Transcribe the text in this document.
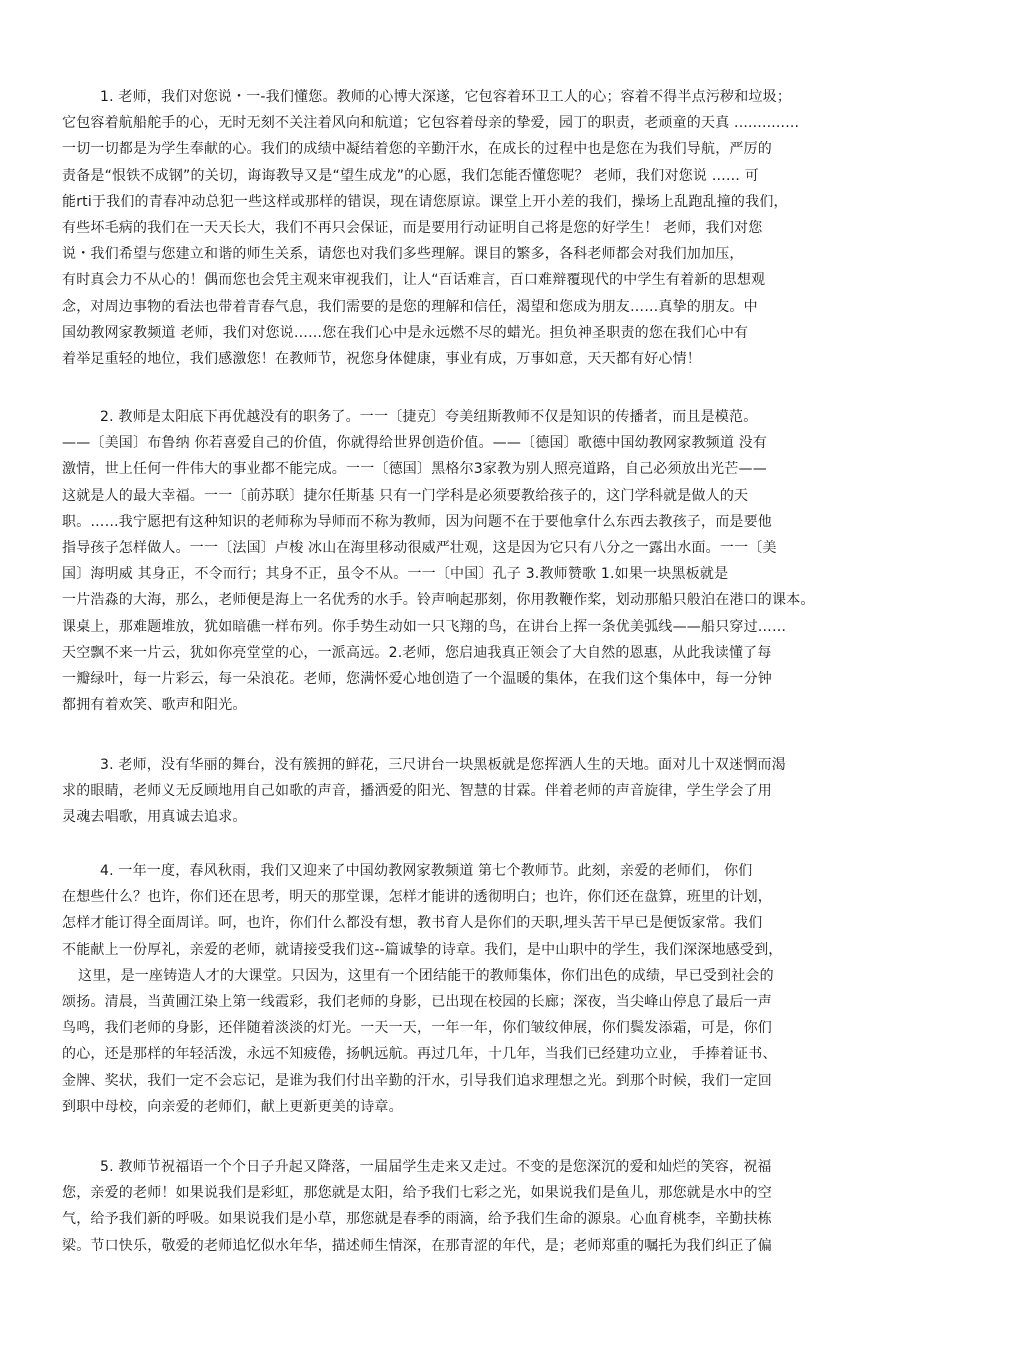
1. 老师，我们对您说・一-我们懂您。教师的心博大深遂，它包容着环卫工人的心；容着不得半点污秽和垃圾；
它包容着航船舵手的心，无时无刻不关注着风向和航道；它包容着母亲的挚爱，园丁的职责，老顽童的天真 ..............
一切一切都是为学生奉献的心。我们的成绩中凝结着您的辛勤汗水，在成长的过程中也是您在为我们导航，严厉的
责备是“恨铁不成钢”的关切，诲诲教导又是“望生成龙”的心愿，我们怎能否懂您呢？ 老师，我们对您说 …… 可
能rti于我们的青春冲动总犯一些这样或那样的错误，现在请您原谅。课堂上开小差的我们，操场上乱跑乱撞的我们，
有些坏毛病的我们在一天天长大，我们不再只会保证，而是要用行动证明自己将是您的好学生！ 老师，我们对您
说・我们希望与您建立和谐的师生关系，请您也对我们多些理解。课目的繁多，各科老师都会对我们加加压，
有时真会力不从心的！偶而您也会凭主观来审视我们，让人“百话难言，百口难辩覆现代的中学生有着新的思想观
念，对周边事物的看法也带着青春气息，我们需要的是您的理解和信任，渴望和您成为朋友……真挚的朋友。中
国幼教网家教频道 老师，我们对您说……您在我们心中是永远燃不尽的蜡光。担负神圣职责的您在我们心中有
着举足重轻的地位，我们感激您！在教师节，祝您身体健康，事业有成，万事如意，天天都有好心情！
2. 教师是太阳底下再优越没有的职务了。一一〔捷克〕夸美纽斯教师不仅是知识的传播者，而且是模范。
——〔美国〕布鲁纳 你若喜爱自己的价值，你就得给世界创造价值。——〔德国〕歌德中国幼教网家教频道 没有
激情，世上任何一件伟大的事业都不能完成。一一〔德国〕黑格尔3家教为别人照亮道路，自己必须放出光芒——
这就是人的最大幸福。一一〔前苏联〕捷尔任斯基 只有一门学科是必须要教给孩子的，这门学科就是做人的天
职。……我宁愿把有这种知识的老师称为导师而不称为教师，因为问题不在于要他拿什么东西去教孩子，而是要他
指导孩子怎样做人。一一〔法国〕卢梭 冰山在海里移动很威严壮观，这是因为它只有八分之一露出水面。一一〔美
国〕海明威 其身正，不令而行；其身不正，虽令不从。一一〔中国〕孔子 3.教师赞歌 1.如果一块黑板就是
一片浩淼的大海，那么，老师便是海上一名优秀的水手。铃声响起那刻，你用教鞭作桨，划动那船只般泊在港口的课本。
课桌上，那难题堆放，犹如暗礁一样布列。你手势生动如一只飞翔的鸟，在讲台上挥一条优美弧线——船只穿过……
天空飘不来一片云，犹如你亮堂堂的心，一派高远。2.老师，您启迪我真正领会了大自然的恩惠，从此我读懂了每
一瓣绿叶，每一片彩云，每一朵浪花。老师，您满怀爱心地创造了一个温暖的集体，在我们这个集体中，每一分钟
都拥有着欢笑、歌声和阳光。
3. 老师，没有华丽的舞台，没有簇拥的鲜花，三尺讲台一块黑板就是您挥洒人生的天地。面对儿十双迷惘而渴
求的眼睛，老师义无反顾地用自己如歌的声音，播洒爱的阳光、智慧的甘霖。伴着老师的声音旋律，学生学会了用
灵魂去唱歌，用真诚去追求。
4. 一年一度，春风秋雨，我们又迎来了中国幼教网家教频道 第七个教师节。此刻，亲爱的老师们， 你们
在想些什么？也许，你们还在思考，明天的那堂课，怎样才能讲的透彻明白；也许，你们还在盘算，班里的计划，
怎样才能订得全面周详。呵，也许，你们什么都没有想，教书育人是你们的天职,埋头苦干早已是便饭家常。我们
不能献上一份厚礼，亲爱的老师，就请接受我们这--篇诚挚的诗章。我们，是中山职中的学生，我们深深地感受到，
这里，是一座铸造人才的大课堂。只因为，这里有一个团结能干的教师集体，你们出色的成绩，早已受到社会的
颂扬。清晨，当黄圃江染上第一线霞彩，我们老师的身影，已出现在校园的长廊；深夜，当尖峰山停息了最后一声
鸟鸣，我们老师的身影，还伴随着淡淡的灯光。一天一天，一年一年，你们皱纹伸展，你们鬓发添霜，可是，你们
的心，还是那样的年轻活泼，永远不知疲倦，扬帆远航。再过几年，十几年，当我们已经建功立业， 手捧着证书、
金牌、奖状，我们一定不会忘记，是谁为我们付出辛勤的汗水，引导我们追求理想之光。到那个时候，我们一定回
到职中母校，向亲爱的老师们，献上更新更美的诗章。
5. 教师节祝福语一个个日子升起又降落，一届届学生走来又走过。不变的是您深沉的爱和灿烂的笑容，祝福
您，亲爱的老师！如果说我们是彩虹，那您就是太阳，给予我们七彩之光，如果说我们是鱼儿，那您就是水中的空
气，给予我们新的呼吸。如果说我们是小草，那您就是春季的雨滴，给予我们生命的源泉。心血育桃李，辛勤扶栋
梁。节口快乐，敬爱的老师追忆似水年华，描述师生情深，在那青涩的年代，是；老师郑重的嘱托为我们纠正了偏
